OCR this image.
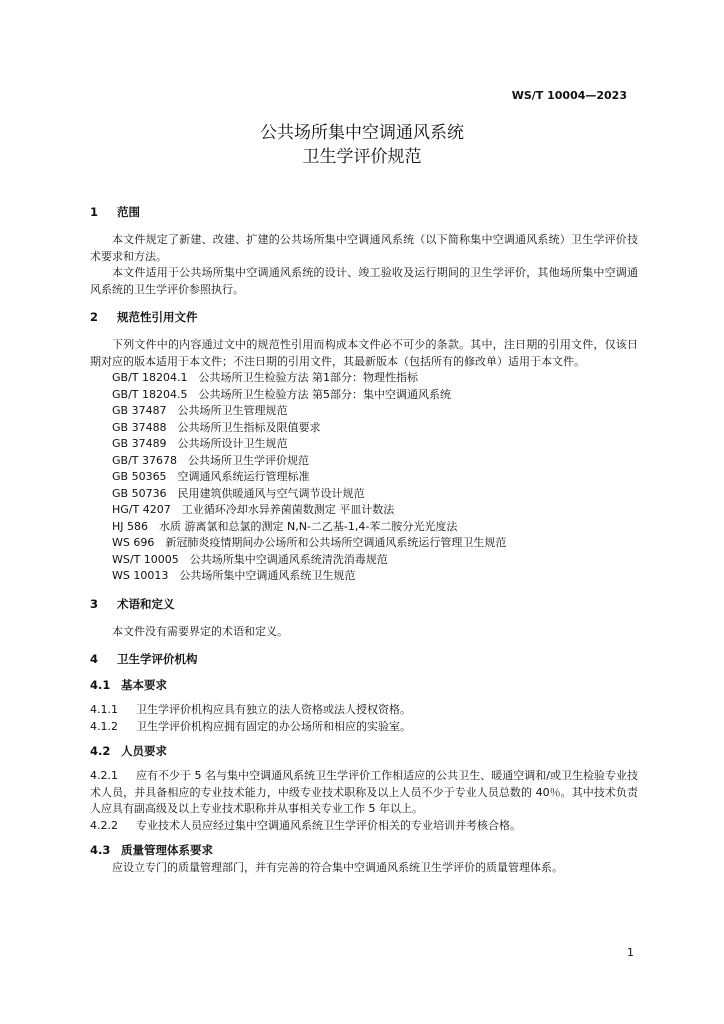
WS/T 10004—2023
公共场所集中空调通风系统
卫生学评价规范
1 范围
本文件规定了新建、改建、扩建的公共场所集中空调通风系统（以下简称集中空调通风系统）卫生学评价技术要求和方法。
本文件适用于公共场所集中空调通风系统的设计、竣工验收及运行期间的卫生学评价，其他场所集中空调通风系统的卫生学评价参照执行。
2 规范性引用文件
下列文件中的内容通过文中的规范性引用而构成本文件必不可少的条款。其中，注日期的引用文件，仅该日期对应的版本适用于本文件；不注日期的引用文件，其最新版本（包括所有的修改单）适用于本文件。
GB/T 18204.1　公共场所卫生检验方法 第1部分：物理性指标
GB/T 18204.5　公共场所卫生检验方法 第5部分：集中空调通风系统
GB 37487　公共场所卫生管理规范
GB 37488　公共场所卫生指标及限值要求
GB 37489　公共场所设计卫生规范
GB/T 37678　公共场所卫生学评价规范
GB 50365　空调通风系统运行管理标准
GB 50736　民用建筑供暖通风与空气调节设计规范
HG/T 4207　工业循环冷却水异养菌菌数测定 平皿计数法
HJ 586　水质 游离氯和总氯的测定 N,N-二乙基-1,4-苯二胺分光光度法
WS 696　新冠肺炎疫情期间办公场所和公共场所空调通风系统运行管理卫生规范
WS/T 10005　公共场所集中空调通风系统清洗消毒规范
WS 10013　公共场所集中空调通风系统卫生规范
3 术语和定义
本文件没有需要界定的术语和定义。
4 卫生学评价机构
4.1 基本要求
4.1.1	卫生学评价机构应具有独立的法人资格或法人授权资格。
4.1.2	卫生学评价机构应拥有固定的办公场所和相应的实验室。
4.2 人员要求
4.2.1 应有不少于 5 名与集中空调通风系统卫生学评价工作相适应的公共卫生、暖通空调和/或卫生检验专业技术人员，并具备相应的专业技术能力，中级专业技术职称及以上人员不少于专业人员总数的 40％。其中技术负责人应具有副高级及以上专业技术职称并从事相关专业工作 5 年以上。
4.2.2	专业技术人员应经过集中空调通风系统卫生学评价相关的专业培训并考核合格。
4.3 质量管理体系要求
应设立专门的质量管理部门，并有完善的符合集中空调通风系统卫生学评价的质量管理体系。
1
